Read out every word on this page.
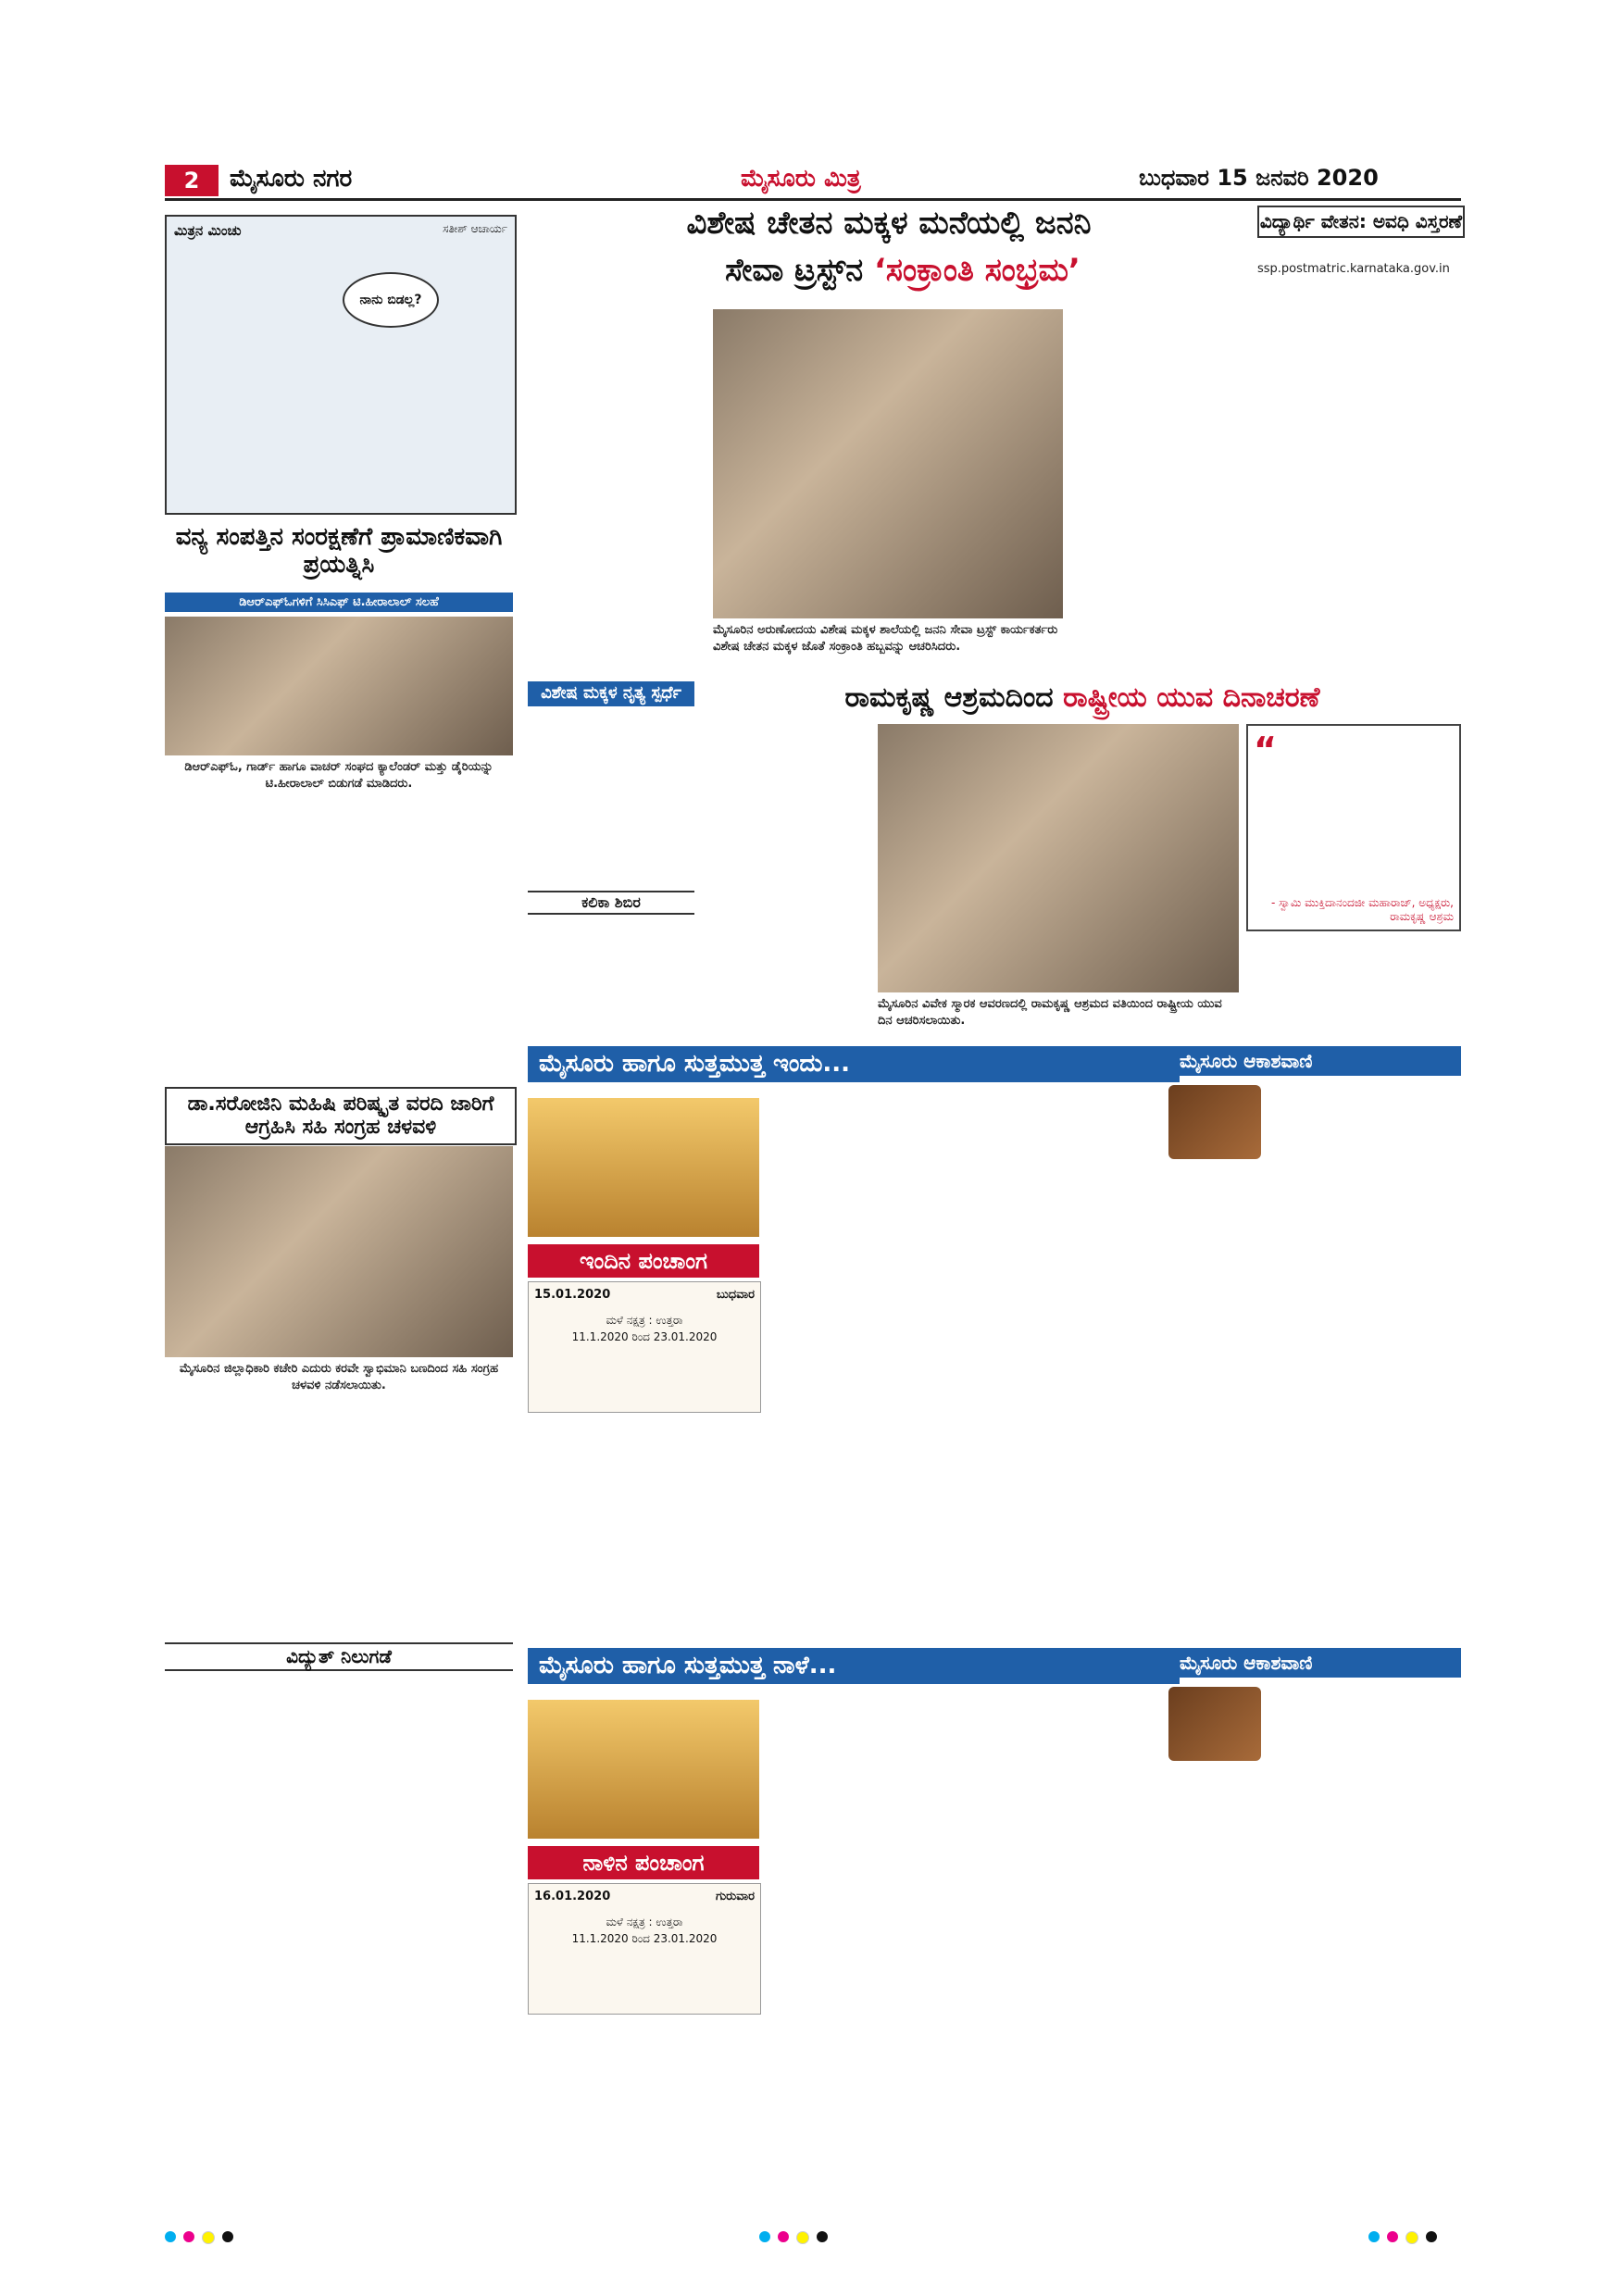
2 ಮೈಸೂರು ನಗರ	ಮೈಸೂರು ಮಿತ್ರ	ಬುಧವಾರ 15 ಜನವರಿ 2020
ಮಿತ್ರನ ಮಿಂಚು	ಸತೀಶ್ ಆಚಾರ್ಯ
ನಾನು ಬಿಡಲ್ಲ?
ವನ್ಯ ಸಂಪತ್ತಿನ ಸಂರಕ್ಷಣೆಗೆ ಪ್ರಾಮಾಣಿಕವಾಗಿ ಪ್ರಯತ್ನಿಸಿ
ಡಿಆರ್‌ಎಫ್‌ಓಗಳಿಗೆ ಸಿಸಿಎಫ್ ಟಿ.ಹೀರಾಲಾಲ್ ಸಲಹೆ
ಡಿಆರ್‌ಎಫ್‌ಓ, ಗಾರ್ಡ್ ಹಾಗೂ ವಾಚರ್ ಸಂಘದ ಕ್ಯಾಲೆಂಡರ್ ಮತ್ತು ಡೈರಿಯನ್ನು ಟಿ.ಹೀರಾಲಾಲ್ ಬಿಡುಗಡೆ ಮಾಡಿದರು.
ಡಾ.ಸರೋಜಿನಿ ಮಹಿಷಿ ಪರಿಷ್ಕೃತ ವರದಿ ಜಾರಿಗೆ ಆಗ್ರಹಿಸಿ ಸಹಿ ಸಂಗ್ರಹ ಚಳವಳಿ
ಮೈಸೂರಿನ ಜಿಲ್ಲಾಧಿಕಾರಿ ಕಚೇರಿ ಎದುರು ಕರವೇ ಸ್ವಾಭಿಮಾನಿ ಬಣದಿಂದ ಸಹಿ ಸಂಗ್ರಹ ಚಳವಳಿ ನಡೆಸಲಾಯಿತು.
ವಿದ್ಯುತ್ ನಿಲುಗಡೆ
ವಿಶೇಷ ಚೇತನ ಮಕ್ಕಳ ಮನೆಯಲ್ಲಿ ಜನನಿ
ಸೇವಾ ಟ್ರಸ್ಟ್‌ನ ‘ಸಂಕ್ರಾಂತಿ ಸಂಭ್ರಮ’
ಮೈಸೂರಿನ ಅರುಣೋದಯ ವಿಶೇಷ ಮಕ್ಕಳ ಶಾಲೆಯಲ್ಲಿ ಜನನಿ ಸೇವಾ ಟ್ರಸ್ಟ್ ಕಾರ್ಯಕರ್ತರು ವಿಶೇಷ ಚೇತನ ಮಕ್ಕಳ ಜೊತೆ ಸಂಕ್ರಾಂತಿ ಹಬ್ಬವನ್ನು ಆಚರಿಸಿದರು.
ವಿದ್ಯಾರ್ಥಿ ವೇತನ: ಅವಧಿ ವಿಸ್ತರಣೆ
ssp.postmatric.karnataka.gov.in
ವಿಶೇಷ ಮಕ್ಕಳ ನೃತ್ಯ ಸ್ಪರ್ಧೆ
ಕಲಿಕಾ ಶಿಬಿರ
ರಾಮಕೃಷ್ಣ ಆಶ್ರಮದಿಂದ ರಾಷ್ಟ್ರೀಯ ಯುವ ದಿನಾಚರಣೆ
ಮೈಸೂರಿನ ವಿವೇಕ ಸ್ಮಾರಕ ಆವರಣದಲ್ಲಿ ರಾಮಕೃಷ್ಣ ಆಶ್ರಮದ ವತಿಯಿಂದ ರಾಷ್ಟ್ರೀಯ ಯುವ ದಿನ ಆಚರಿಸಲಾಯಿತು.
“
- ಸ್ವಾಮಿ ಮುಕ್ತಿದಾನಂದಜೀ ಮಹಾರಾಜ್, ಅಧ್ಯಕ್ಷರು, ರಾಮಕೃಷ್ಣ ಆಶ್ರಮ
ಮೈಸೂರು ಹಾಗೂ ಸುತ್ತಮುತ್ತ ಇಂದು...
ಇಂದಿನ ಪಂಚಾಂಗ
15.01.2020	ಬುಧವಾರ
ಮಳೆ ನಕ್ಷತ್ರ : ಉತ್ತರಾ
11.1.2020 ರಿಂದ 23.01.2020
ಮೈಸೂರು ಆಕಾಶವಾಣಿ
ಮೈಸೂರು ಹಾಗೂ ಸುತ್ತಮುತ್ತ ನಾಳೆ...
ನಾಳಿನ ಪಂಚಾಂಗ
16.01.2020	ಗುರುವಾರ
ಮಳೆ ನಕ್ಷತ್ರ : ಉತ್ತರಾ
11.1.2020 ರಿಂದ 23.01.2020
ಮೈಸೂರು ಆಕಾಶವಾಣಿ
